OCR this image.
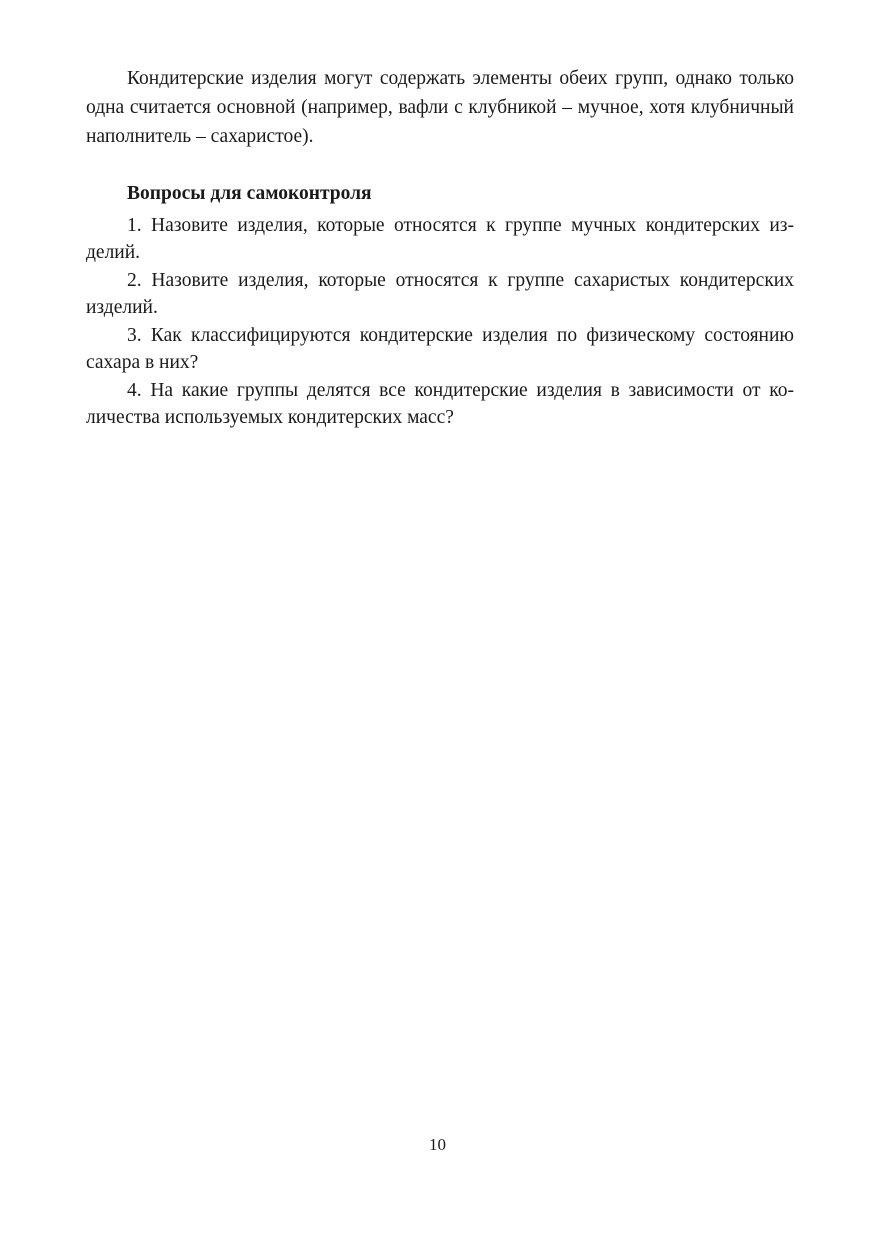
Кондитерские изделия могут содержать элементы обеих групп, однако только одна считается основной (например, вафли с клубникой – мучное, хотя клубничный наполнитель – сахаристое).

Вопросы для самоконтроля

1. Назовите изделия, которые относятся к группе мучных кондитерских изделий.

2. Назовите изделия, которые относятся к группе сахаристых кондитерских изделий.

3. Как классифицируются кондитерские изделия по физическому состоянию сахара в них?

4. На какие группы делятся все кондитерские изделия в зависимости от количества используемых кондитерских масс?

10
